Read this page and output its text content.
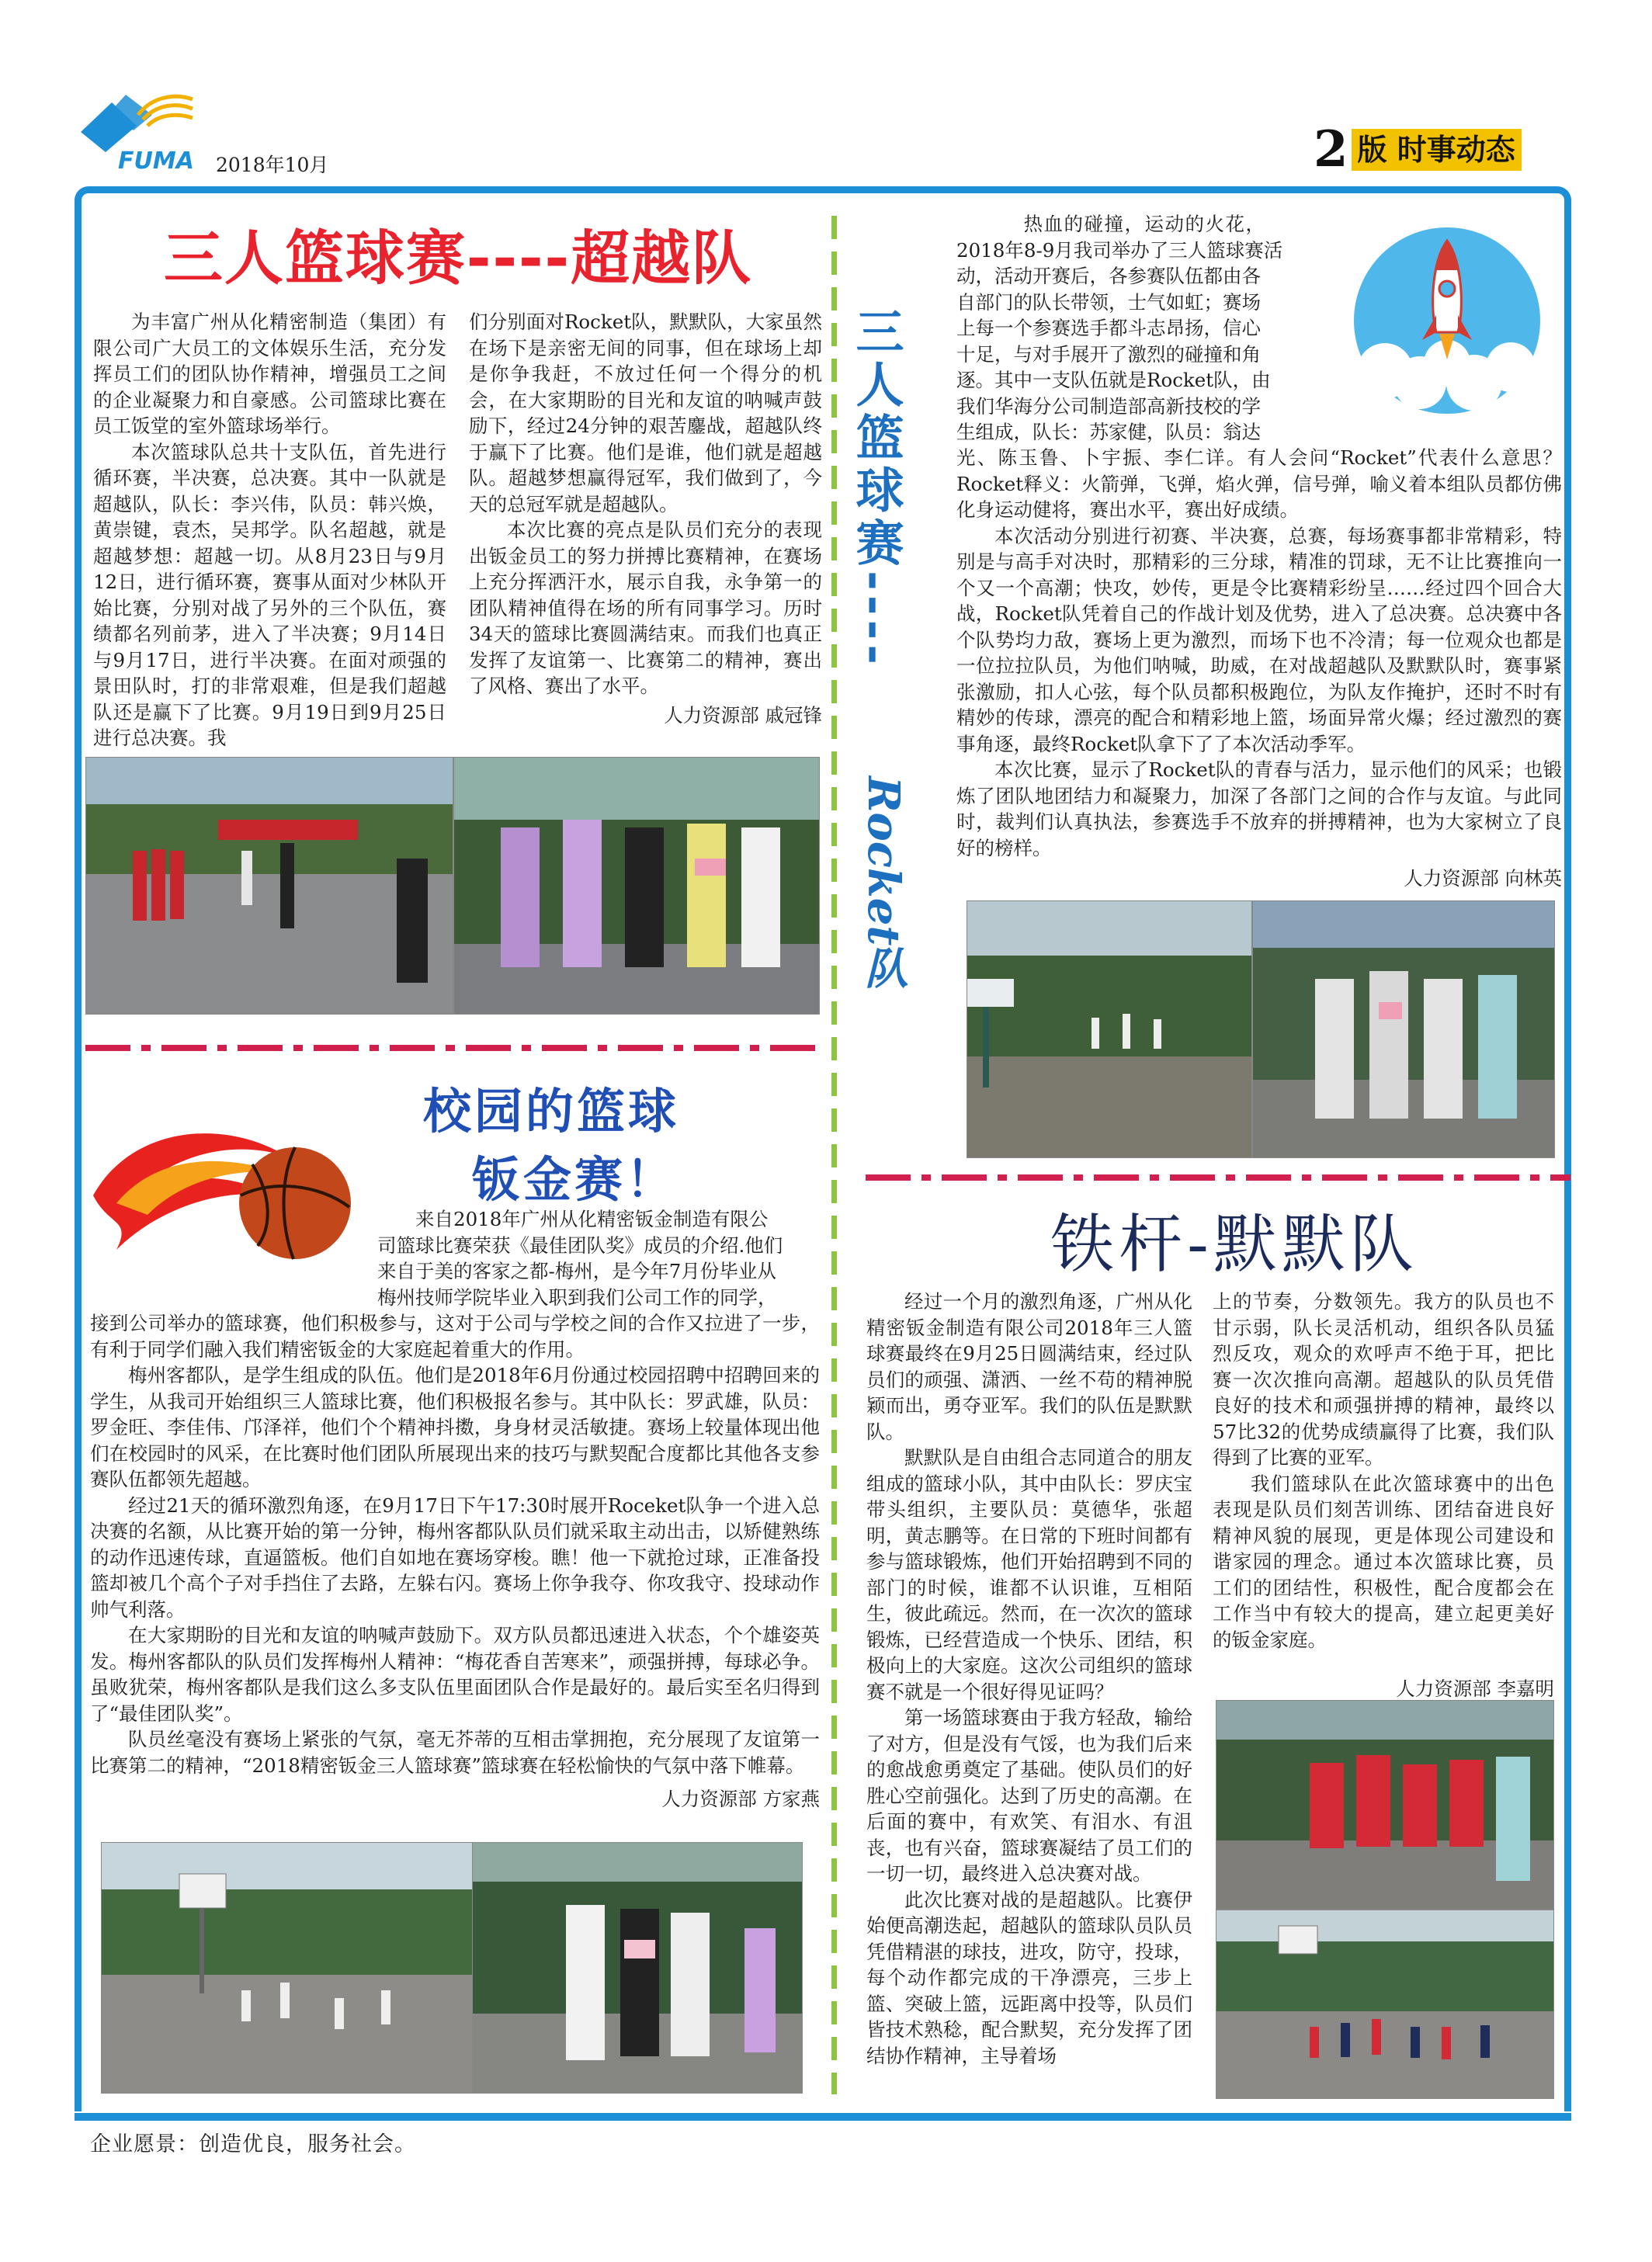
FUMA 2018年10月	2 版 时事动态
三人篮球赛----超越队

为丰富广州从化精密制造（集团）有限公司广大员工的文体娱乐生活，充分发挥员工们的团队协作精神，增强员工之间的企业凝聚力和自豪感。公司篮球比赛在员工饭堂的室外篮球场举行。

本次篮球队总共十支队伍，首先进行循环赛，半决赛，总决赛。其中一队就是超越队，队长：李兴伟，队员：韩兴焕，黄崇键，袁杰，吴邦学。队名超越，就是超越梦想：超越一切。从8月23日与9月12日，进行循环赛，赛事从面对少林队开始比赛，分别对战了另外的三个队伍，赛绩都名列前茅，进入了半决赛；9月14日与9月17日，进行半决赛。在面对顽强的景田队时，打的非常艰难，但是我们超越队还是赢下了比赛。9月19日到9月25日进行总决赛。我

们分别面对Rocket队，默默队，大家虽然在场下是亲密无间的同事，但在球场上却是你争我赶，不放过任何一个得分的机会，在大家期盼的目光和友谊的呐喊声鼓励下，经过24分钟的艰苦鏖战，超越队终于赢下了比赛。他们是谁，他们就是超越队。超越梦想赢得冠军，我们做到了，今天的总冠军就是超越队。

本次比赛的亮点是队员们充分的表现出钣金员工的努力拼搏比赛精神，在赛场上充分挥洒汗水，展示自我，永争第一的团队精神值得在场的所有同事学习。历时34天的篮球比赛圆满结束。而我们也真正发挥了友谊第一、比赛第二的精神，赛出了风格、赛出了水平。

人力资源部 戚冠锋

三人篮球赛----
Rocket队

热血的碰撞，运动的火花，

2018年8-9月我司举办了三人篮球赛活

动，活动开赛后，各参赛队伍都由各

自部门的队长带领，士气如虹；赛场

上每一个参赛选手都斗志昂扬，信心

十足，与对手展开了激烈的碰撞和角

逐。其中一支队伍就是Rocket队，由

我们华海分公司制造部高新技校的学

生组成，队长：苏家健，队员：翁达

光、陈玉鲁、卜宇振、李仁详。有人会问“Rocket”代表什么意思？ Rocket释义：火箭弹，飞弹，焰火弹，信号弹，喻义着本组队员都仿佛化身运动健将，赛出水平，赛出好成绩。

本次活动分别进行初赛、半决赛，总赛，每场赛事都非常精彩，特别是与高手对决时，那精彩的三分球，精准的罚球，无不让比赛推向一个又一个高潮；快攻，妙传，更是令比赛精彩纷呈……经过四个回合大战，Rocket队凭着自己的作战计划及优势，进入了总决赛。总决赛中各个队势均力敌，赛场上更为激烈，而场下也不冷清；每一位观众也都是一位拉拉队员，为他们呐喊，助威，在对战超越队及默默队时，赛事紧张激励，扣人心弦，每个队员都积极跑位，为队友作掩护，还时不时有精妙的传球，漂亮的配合和精彩地上篮，场面异常火爆；经过激烈的赛事角逐，最终Rocket队拿下了了本次活动季军。

本次比赛，显示了Rocket队的青春与活力，显示他们的风采；也锻炼了团队地团结力和凝聚力，加深了各部门之间的合作与友谊。与此同时，裁判们认真执法，参赛选手不放弃的拼搏精神，也为大家树立了良好的榜样。

人力资源部 向林英

校园的篮球
钣金赛！

来自2018年广州从化精密钣金制造有限公

司篮球比赛荣获《最佳团队奖》成员的介绍.他们

来自于美的客家之都-梅州，是今年7月份毕业从

梅州技师学院毕业入职到我们公司工作的同学，

接到公司举办的篮球赛，他们积极参与，这对于公司与学校之间的合作又拉进了一步，有利于同学们融入我们精密钣金的大家庭起着重大的作用。

梅州客都队，是学生组成的队伍。他们是2018年6月份通过校园招聘中招聘回来的学生，从我司开始组织三人篮球比赛，他们积极报名参与。其中队长：罗武雄，队员：罗金旺、李佳伟、邝泽祥，他们个个精神抖擞，身身材灵活敏捷。赛场上较量体现出他们在校园时的风采，在比赛时他们团队所展现出来的技巧与默契配合度都比其他各支参赛队伍都领先超越。

经过21天的循环激烈角逐，在9月17日下午17:30时展开Roceket队争一个进入总决赛的名额，从比赛开始的第一分钟，梅州客都队队员们就采取主动出击，以矫健熟练的动作迅速传球，直逼篮板。他们自如地在赛场穿梭。瞧！他一下就抢过球，正准备投篮却被几个高个子对手挡住了去路，左躲右闪。赛场上你争我夺、你攻我守、投球动作帅气利落。

在大家期盼的目光和友谊的呐喊声鼓励下。双方队员都迅速进入状态，个个雄姿英发。梅州客都队的队员们发挥梅州人精神：“梅花香自苦寒来”，顽强拼搏，每球必争。虽败犹荣，梅州客都队是我们这么多支队伍里面团队合作是最好的。最后实至名归得到了“最佳团队奖”。

队员丝毫没有赛场上紧张的气氛，毫无芥蒂的互相击掌拥抱，充分展现了友谊第一比赛第二的精神，“2018精密钣金三人篮球赛”篮球赛在轻松愉快的气氛中落下帷幕。

人力资源部 方家燕

铁杆-默默队

经过一个月的激烈角逐，广州从化精密钣金制造有限公司2018年三人篮球赛最终在9月25日圆满结束，经过队员们的顽强、潇洒、一丝不苟的精神脱颖而出，勇夺亚军。我们的队伍是默默队。

默默队是自由组合志同道合的朋友组成的篮球小队，其中由队长：罗庆宝带头组织，主要队员：莫德华，张超明，黄志鹏等。在日常的下班时间都有参与篮球锻炼，他们开始招聘到不同的部门的时候，谁都不认识谁，互相陌生，彼此疏远。然而，在一次次的篮球锻炼，已经营造成一个快乐、团结，积极向上的大家庭。这次公司组织的篮球赛不就是一个很好得见证吗？

第一场篮球赛由于我方轻敌，输给了对方，但是没有气馁，也为我们后来的愈战愈勇奠定了基础。使队员们的好胜心空前强化。达到了历史的高潮。在后面的赛中，有欢笑、有泪水、有沮丧，也有兴奋，篮球赛凝结了员工们的一切一切，最终进入总决赛对战。

此次比赛对战的是超越队。比赛伊始便高潮迭起，超越队的篮球队员队员凭借精湛的球技，进攻，防守，投球，每个动作都完成的干净漂亮，三步上篮、突破上篮，远距离中投等，队员们皆技术熟稔，配合默契，充分发挥了团结协作精神，主导着场

上的节奏，分数领先。我方的队员也不甘示弱，队长灵活机动，组织各队员猛烈反攻，观众的欢呼声不绝于耳，把比赛一次次推向高潮。超越队的队员凭借良好的技术和顽强拼搏的精神，最终以57比32的优势成绩赢得了比赛，我们队得到了比赛的亚军。

我们篮球队在此次篮球赛中的出色表现是队员们刻苦训练、团结奋进良好精神风貌的展现，更是体现公司建设和谐家园的理念。通过本次篮球比赛，员工们的团结性，积极性，配合度都会在工作当中有较大的提高，建立起更美好的钣金家庭。

人力资源部 李嘉明

企业愿景：创造优良，服务社会。
